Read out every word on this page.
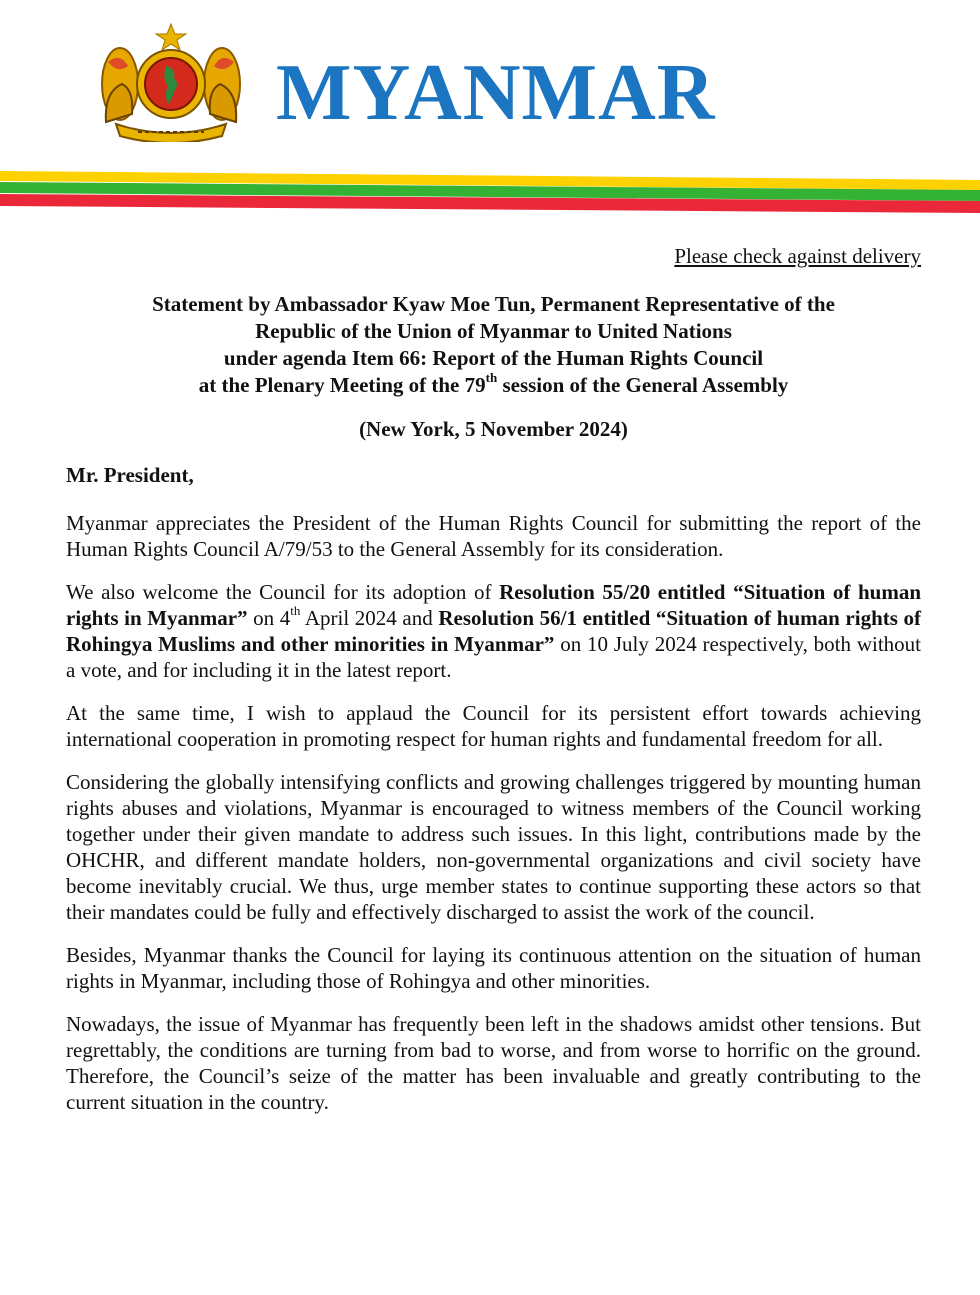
MYANMAR
Please check against delivery
Statement by Ambassador Kyaw Moe Tun, Permanent Representative of the
Republic of the Union of Myanmar to United Nations
under agenda Item 66: Report of the Human Rights Council
at the Plenary Meeting of the 79th session of the General Assembly
(New York, 5 November 2024)
Mr. President,

Myanmar appreciates the President of the Human Rights Council for submitting the report of the Human Rights Council A/79/53 to the General Assembly for its consideration.

We also welcome the Council for its adoption of Resolution 55/20 entitled “Situation of human rights in Myanmar” on 4th April 2024 and Resolution 56/1 entitled “Situation of human rights of Rohingya Muslims and other minorities in Myanmar” on 10 July 2024 respectively, both without a vote, and for including it in the latest report.

At the same time, I wish to applaud the Council for its persistent effort towards achieving international cooperation in promoting respect for human rights and fundamental freedom for all.

Considering the globally intensifying conflicts and growing challenges triggered by mounting human rights abuses and violations, Myanmar is encouraged to witness members of the Council working together under their given mandate to address such issues. In this light, contributions made by the OHCHR, and different mandate holders, non-governmental organizations and civil society have become inevitably crucial. We thus, urge member states to continue supporting these actors so that their mandates could be fully and effectively discharged to assist the work of the council.

Besides, Myanmar thanks the Council for laying its continuous attention on the situation of human rights in Myanmar, including those of Rohingya and other minorities.

Nowadays, the issue of Myanmar has frequently been left in the shadows amidst other tensions. But regrettably, the conditions are turning from bad to worse, and from worse to horrific on the ground. Therefore, the Council’s seize of the matter has been invaluable and greatly contributing to the current situation in the country.
